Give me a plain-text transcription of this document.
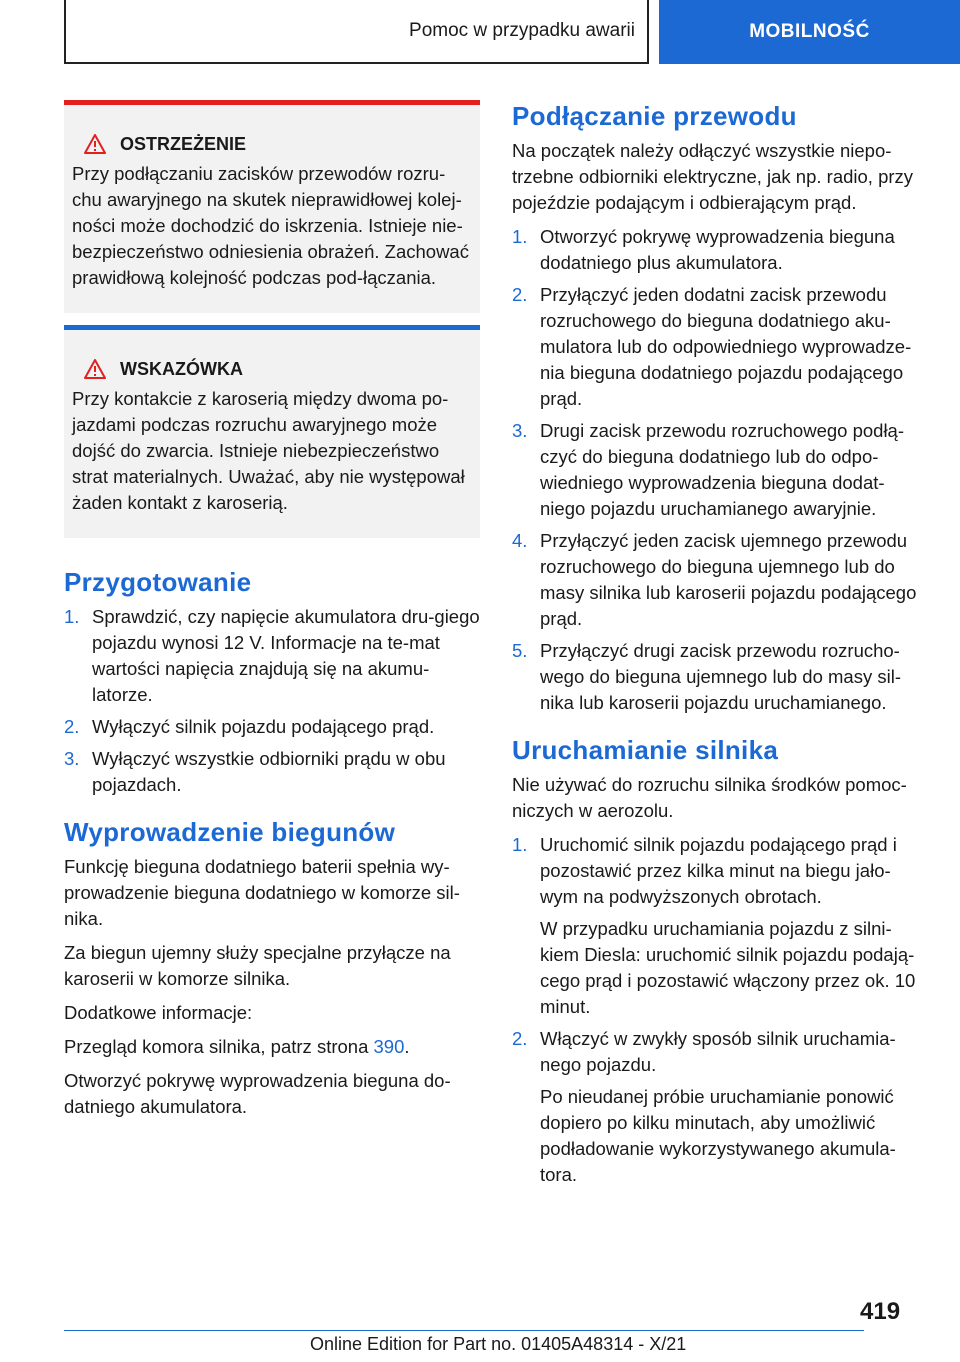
Pomoc w przypadku awarii	MOBILNOŚĆ
OSTRZEŻENIE

Przy podłączaniu zacisków przewodów rozru-chu awaryjnego na skutek nieprawidłowej kolej-ności może dochodzić do iskrzenia. Istnieje nie-bezpieczeństwo odniesienia obrażeń. Zachować prawidłową kolejność podczas pod-łączania.

WSKAZÓWKA

Przy kontakcie z karoserią między dwoma po-jazdami podczas rozruchu awaryjnego może dojść do zwarcia. Istnieje niebezpieczeństwo strat materialnych. Uważać, aby nie występował żaden kontakt z karoserią.

Przygotowanie
1. Sprawdzić, czy napięcie akumulatora dru-giego pojazdu wynosi 12 V. Informacje na te-mat wartości napięcia znajdują się na akumu-latorze.
2. Wyłączyć silnik pojazdu podającego prąd.
3. Wyłączyć wszystkie odbiorniki prądu w obu pojazdach.
Wyprowadzenie biegunów

Funkcję bieguna dodatniego baterii spełnia wy-prowadzenie bieguna dodatniego w komorze sil-nika.

Za biegun ujemny służy specjalne przyłącze na karoserii w komorze silnika.

Dodatkowe informacje:

Przegląd komora silnika, patrz strona 390.

Otworzyć pokrywę wyprowadzenia bieguna do-datniego akumulatora.

Podłączanie przewodu

Na początek należy odłączyć wszystkie niepo-trzebne odbiorniki elektryczne, jak np. radio, przy pojeździe podającym i odbierającym prąd.

1. Otworzyć pokrywę wyprowadzenia bieguna dodatniego plus akumulatora.
2. Przyłączyć jeden dodatni zacisk przewodu rozruchowego do bieguna dodatniego aku-mulatora lub do odpowiedniego wyprowadze-nia bieguna dodatniego pojazdu podającego prąd.
3. Drugi zacisk przewodu rozruchowego podłą-czyć do bieguna dodatniego lub do odpo-wiedniego wyprowadzenia bieguna dodat-niego pojazdu uruchamianego awaryjnie.
4. Przyłączyć jeden zacisk ujemnego przewodu rozruchowego do bieguna ujemnego lub do masy silnika lub karoserii pojazdu podającego prąd.
5. Przyłączyć drugi zacisk przewodu rozrucho-wego do bieguna ujemnego lub do masy sil-nika lub karoserii pojazdu uruchamianego.
Uruchamianie silnika

Nie używać do rozruchu silnika środków pomoc-niczych w aerozolu.

1. Uruchomić silnik pojazdu podającego prąd i pozostawić przez kilka minut na biegu jało-wym na podwyższonych obrotach.
W przypadku uruchamiania pojazdu z silni-kiem Diesla: uruchomić silnik pojazdu podają-cego prąd i pozostawić włączony przez ok. 10 minut.
2. Włączyć w zwykły sposób silnik uruchamia-nego pojazdu.
Po nieudanej próbie uruchamianie ponowić dopiero po kilku minutach, aby umożliwić podładowanie wykorzystywanego akumula-tora.
419
Online Edition for Part no. 01405A48314 - X/21
